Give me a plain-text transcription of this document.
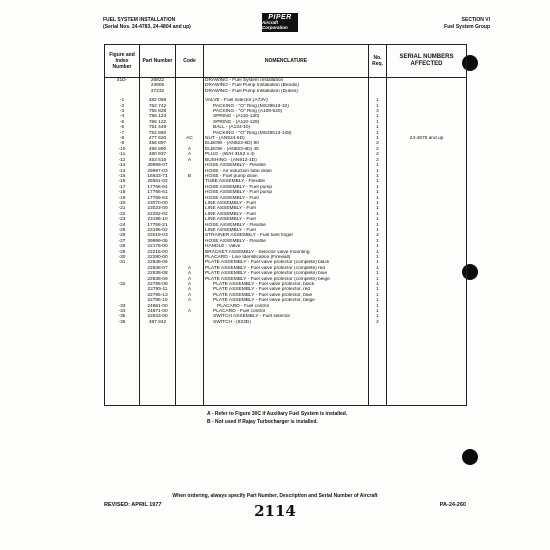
FUEL SYSTEM INSTALLATION
(Serial Nos. 24-4783, 24-4804 and up)
PIPER
Aircraft Corporation
SECTION VI
Fuel System Group
Figure and Index Number	Part Number	Code	NOMENCLATURE	No. Req.	SERIAL NUMBERS AFFECTED
31D-	26822		DRAWING - Fuel System Installation		
	24906		DRAWING - Fuel Pump Installation (Bendix)		
	27232		DRAWING - Fuel Pump Installation (Dukes)		

-1	482 088		VALVE - Fuel selector (A73V)	1	
-2	752 742		PACKING - "O" Ring (MS29513-10)	1	
-3	755 828		PACKING - "O" Ring (A108-520)	4	
-4	756 123		SPRING - (A110-130)	1	
-5	756 122		SPRING - (A110-129)	1	
-6	751 449		BALL - (A134-10)	1	
-7	752 860		PACKING - "O" Ring (MS29513-148)	1	
-8	477 620	AC	NUT - (AN924-6D)	1	24-4878 and up
-9	456 897		ELBOW - (AN823-6D) 90	2	
-10	456 890	A	ELBOW - (AN823-6D) 45	2	
-11	480 937	A	PLUG - (W/H 3152 x 4)	2	
-12	453 616	A	BUSHING - (AN912-1D)	2	
-13	39999-07		HOSE ASSEMBLY - Flexible	1	
-14	29997-03		HOSE - Air induction tube drain	1	
-15	16633-71	B	HOSE - Fuel pump drain	1	
-16	25551-02		TUBE ASSEMBLY - Flexible	1	
-17	17766-64		HOSE ASSEMBLY - Fuel pump	1	
-18	17766-61		HOSE ASSEMBLY - Fuel pump	1	
-19	17766-63		HOSE ASSEMBLY - Fuel	1	
-20	23070-00		LINE ASSEMBLY - Fuel	1	
-21	23023-00		LINE ASSEMBLY - Fuel	1	
-22	22282-02		LINE ASSEMBLY - Fuel	1	
-23	23196-10		LINE ASSEMBLY - Fuel	1	
-24	17766-21		HOSE ASSEMBLY - Flexible	1	
-25	23196-02		LINE ASSEMBLY - Fuel	1	
-26	23018-03		STRAINER ASSEMBLY - Fuel tank finger	2	
-27	39999-05		HOSE ASSEMBLY - Flexible	1	
-28	22175-00		HANDLE - Valve	1	
-29	22216-00		BRACKET ASSEMBLY - Selector valve mounting	1	
-30	22280-00		PLACARD - Line Identification (Firewall)	1	
-31	22838-06		PLATE ASSEMBLY - Fuel valve protector (complete) black	1	
	22838-07	A	PLATE ASSEMBLY - Fuel valve protector (complete) red	1	
	22838-08	A	PLATE ASSEMBLY - Fuel valve protector (complete) blue	1	
	22838-09	A	PLATE ASSEMBLY - Fuel valve protector (complete) beige	1	
-32	22795-08	A	PLATE ASSEMBLY - Fuel valve protector, black	1	
	22795-11	A	PLATE ASSEMBLY - Fuel valve protector, red	1	
	22795-13	A	PLATE ASSEMBLY - Fuel valve protector, blue	1	
	22795-15	A	PLATE ASSEMBLY - Fuel valve protector, beige	1	
-33	24861-00		PLACARD - Fuel control	1	
-34	24871-00	A	PLACARD - Fuel control	1	
-35	22843-00		SWITCH ASSEMBLY - Fuel selector	1	
-36	487 842		SWITCH - (923D)	2	

A - Refer to Figure 30C if Auxiliary Fuel System is installed.
B - Not used if Rajay Turbocharger is installed.
When ordering, always specify Part Number, Description and Serial Number of Aircraft
REVISED: APRIL 1977	2114	PA-24-260
